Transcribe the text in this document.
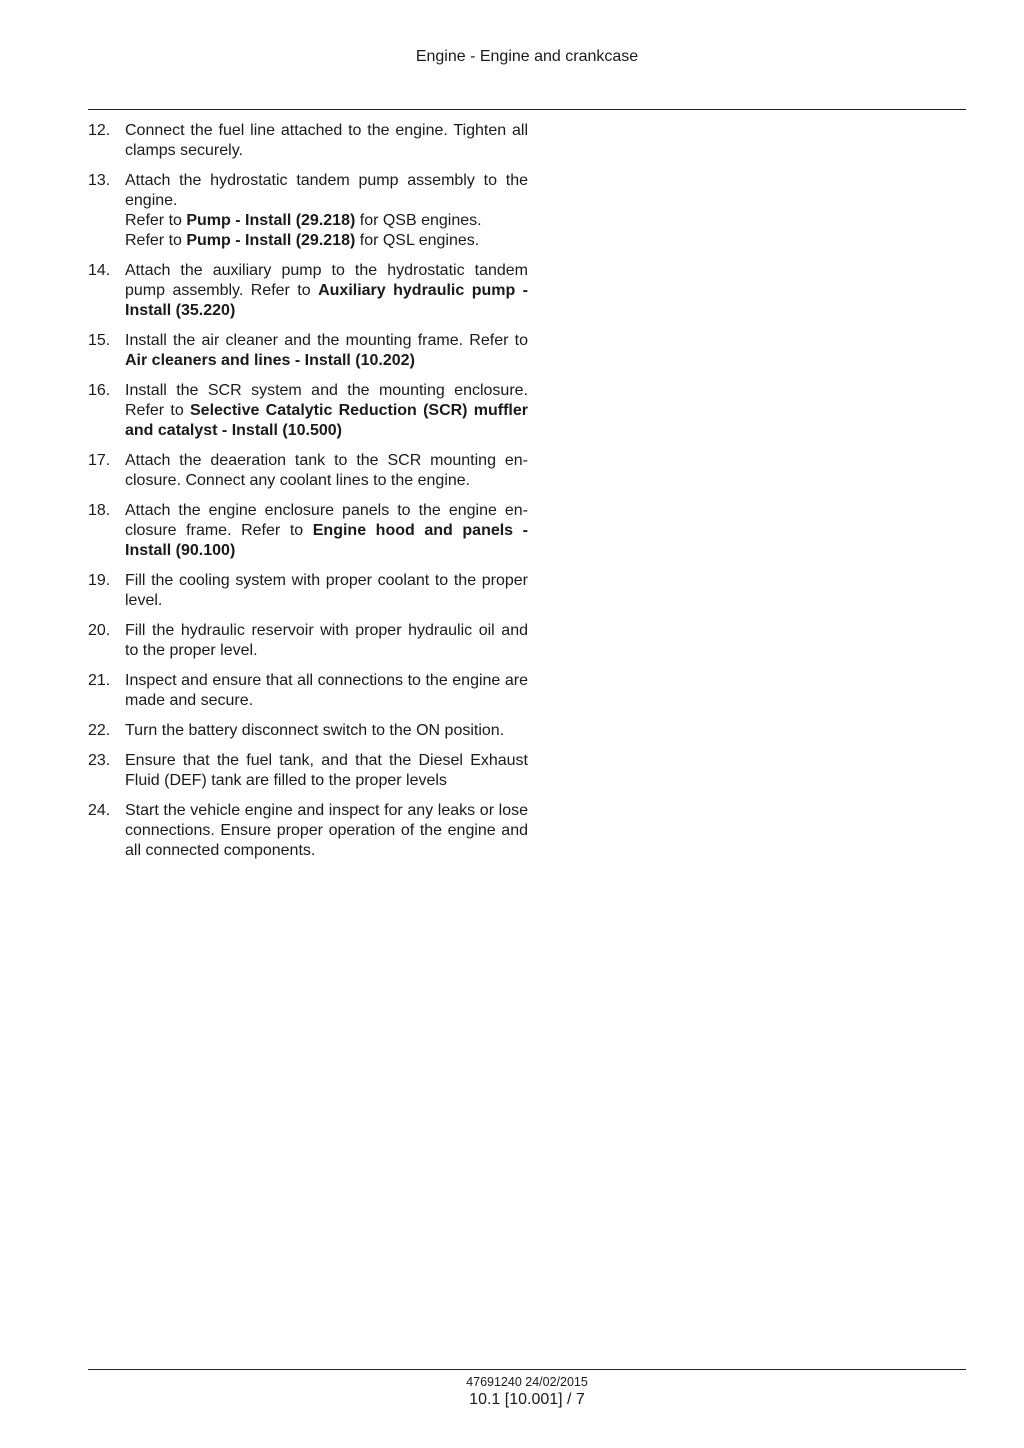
Engine - Engine and crankcase
12. Connect the fuel line attached to the engine. Tighten all clamps securely.
13. Attach the hydrostatic tandem pump assembly to the engine.
Refer to Pump - Install (29.218) for QSB engines.
Refer to Pump - Install (29.218) for QSL engines.
14. Attach the auxiliary pump to the hydrostatic tandem pump assembly. Refer to Auxiliary hydraulic pump - Install (35.220)
15. Install the air cleaner and the mounting frame. Refer to Air cleaners and lines - Install (10.202)
16. Install the SCR system and the mounting enclosure. Refer to Selective Catalytic Reduction (SCR) muffler and catalyst - Install (10.500)
17. Attach the deaeration tank to the SCR mounting enclosure. Connect any coolant lines to the engine.
18. Attach the engine enclosure panels to the engine enclosure frame. Refer to Engine hood and panels - Install (90.100)
19. Fill the cooling system with proper coolant to the proper level.
20. Fill the hydraulic reservoir with proper hydraulic oil and to the proper level.
21. Inspect and ensure that all connections to the engine are made and secure.
22. Turn the battery disconnect switch to the ON position.
23. Ensure that the fuel tank, and that the Diesel Exhaust Fluid (DEF) tank are filled to the proper levels
24. Start the vehicle engine and inspect for any leaks or lose connections. Ensure proper operation of the engine and all connected components.
47691240 24/02/2015
10.1 [10.001] / 7
